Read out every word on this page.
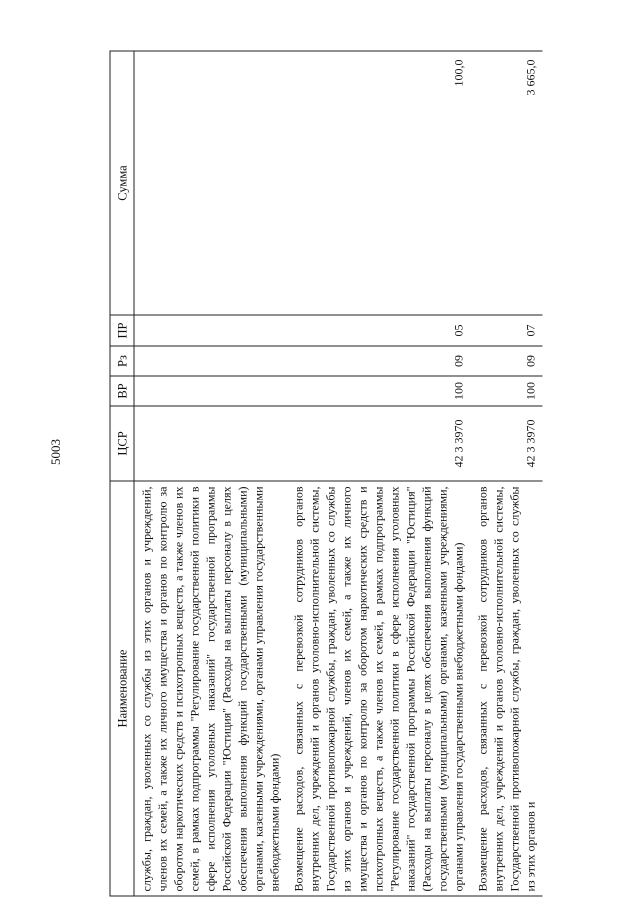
5003
Наименование	ЦСР	ВР	Рз	ПР	Сумма
службы, граждан, уволенных со службы из этих органов и учреждений, членов их семей, а также их личного имущества и органов по контролю за оборотом наркотических средств и психотропных веществ, а также членов их семей, в рамках подпрограммы "Регулирование государственной политики в сфере исполнения уголовных наказаний" государственной программы Российской Федерации "Юстиция" (Расходы на выплаты персоналу в целях обеспечения выполнения функций государственными (муниципальными) органами, казенными учреждениями, органами управления государственными внебюджетными фондами)					
Возмещение расходов, связанных с перевозкой сотрудников органов внутренних дел, учреждений и органов уголовно-исполнительной системы, Государственной противопожарной службы, граждан, уволенных со службы из этих органов и учреждений, членов их семей, а также их личного имущества и органов по контролю за оборотом наркотических средств и психотропных веществ, а также членов их семей, в рамках подпрограммы "Регулирование государственной политики в сфере исполнения уголовных наказаний" государственной программы Российской Федерации "Юстиция" (Расходы на выплаты персоналу в целях обеспечения выполнения функций государственными (муниципальными) органами, казенными учреждениями, органами управления государственными внебюджетными фондами)	42 3 3970	100	09	05	100,0
Возмещение расходов, связанных с перевозкой сотрудников органов внутренних дел, учреждений и органов уголовно-исполнительной системы, Государственной противопожарной службы, граждан, уволенных со службы из этих органов и	42 3 3970	100	09	07	3 665,0
